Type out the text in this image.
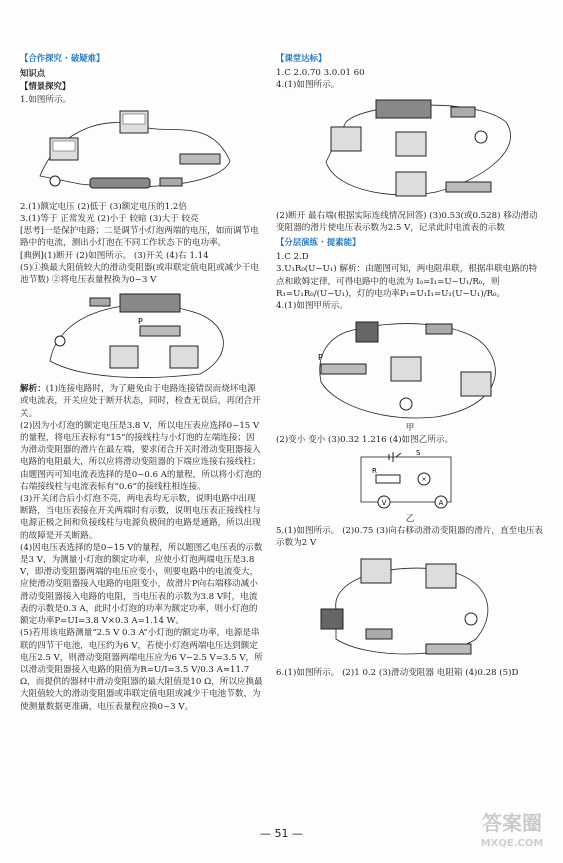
【合作探究 · 破疑难】
知识点
【情景探究】

1.如图所示。

2.(1)额定电压 (2)低于 (3)额定电压的1.2倍

3.(1)等于 正常发光 (2)小于 较暗 (3)大于 较亮

[思考]一是保护电路；二是调节小灯泡两端的电压，如而调节电路中的电流，测出小灯泡在不同工作状态下的电功率。

[典例](1)断开 (2)如图所示。 (3)开关 (4)右 1.14

(5)①换最大阻值较大的滑动变阻器(或串联定值电阻或减少干电池节数) ②将电压表量程换为0~3 V

P

解析：(1)连接电路时，为了避免由于电路连接错误而烧坏电源或电流表，开关应处于断开状态，同时，检查无误后，再闭合开关。

(2)因为小灯泡的额定电压是3.8 V，所以电压表应选择0~15 V的量程，将电压表标有“15”的接线柱与小灯泡的左端连接；因为滑动变阻器的滑片在最左端，要求闭合开关时滑动变阻器接入电路的电阻最大，所以应将滑动变阻器的下端应连接右接线柱；由题图丙可知电流表选择的是0~0.6 A的量程，所以将小灯泡的右端接线柱与电流表标有“0.6”的接线柱相连接。

(3)开关闭合后小灯泡不亮，两电表均无示数，说明电路中出现断路，当电压表接在开关两端时有示数，说明电压表正接线柱与电源正极之间和负接线柱与电源负极间的电路是通路，所以出现的故障是开关断路。

(4)因电压表选择的是0~15 V的量程，所以题图乙电压表的示数是3 V，为测量小灯泡的额定功率，应使小灯泡两端电压是3.8 V，即滑动变阻器两端的电压应变小，则要电路中的电流变大，应使滑动变阻器接入电路的电阻变小，故滑片P向右端移动减小滑动变阻器接入电路的电阻，当电压表的示数为3.8 V时，电流表的示数是0.3 A，此时小灯泡的功率为额定功率，则小灯泡的额定功率P=UI=3.8 V×0.3 A=1.14 W。

(5)若用该电路测量“2.5 V 0.3 A”小灯泡的额定功率，电源是串联的四节干电池，电压约为6 V，若使小灯泡两端电压达到额定电压2.5 V，则滑动变阻器两端电压应为6 V−2.5 V=3.5 V，所以滑动变阻器接入电路的阻值为R=U/I=3.5 V/0.3 A≈11.7 Ω，而提供的器材中滑动变阻器的最大阻值是10 Ω，所以应换最大阻值较大的滑动变阻器或串联定值电阻或减少干电池节数，为使测量数据更准确，电压表量程应换0~3 V。

【课堂达标】

1.C 2.0.70 3.0.01 60

4.(1)如图所示。

(2)断开 最右端(根据实际连线情况回答) (3)0.53(或0.528) 移动滑动变阻器的滑片使电压表示数为2.5 V，记录此时电流表的示数

【分层演练 · 提素能】

1.C 2.D

3.U₁R₀(U−U₁) 解析：由题图可知，两电阻串联，根据串联电路的特点和欧姆定律，可得电路中的电流为 I₀=I₁=U−U₁/R₀，则R₁=U₁R₀/(U−U₁)，灯的电功率P₁=U₁I₁=U₁(U−U₁)/R₀。

4.(1)如图甲所示。

P
甲

(2)变小 变小 (3)0.32 1.216 (4)如图乙所示。

S
R
×
V	A
乙

5.(1)如图所示。 (2)0.75 (3)向右移动滑动变阻器的滑片，直至电压表示数为2 V

6.(1)如图所示。 (2)1 0.2 (3)滑动变阻器 电阻箱 (4)0.28 (5)D

— 51 —	答案圈
MXQE.COM
